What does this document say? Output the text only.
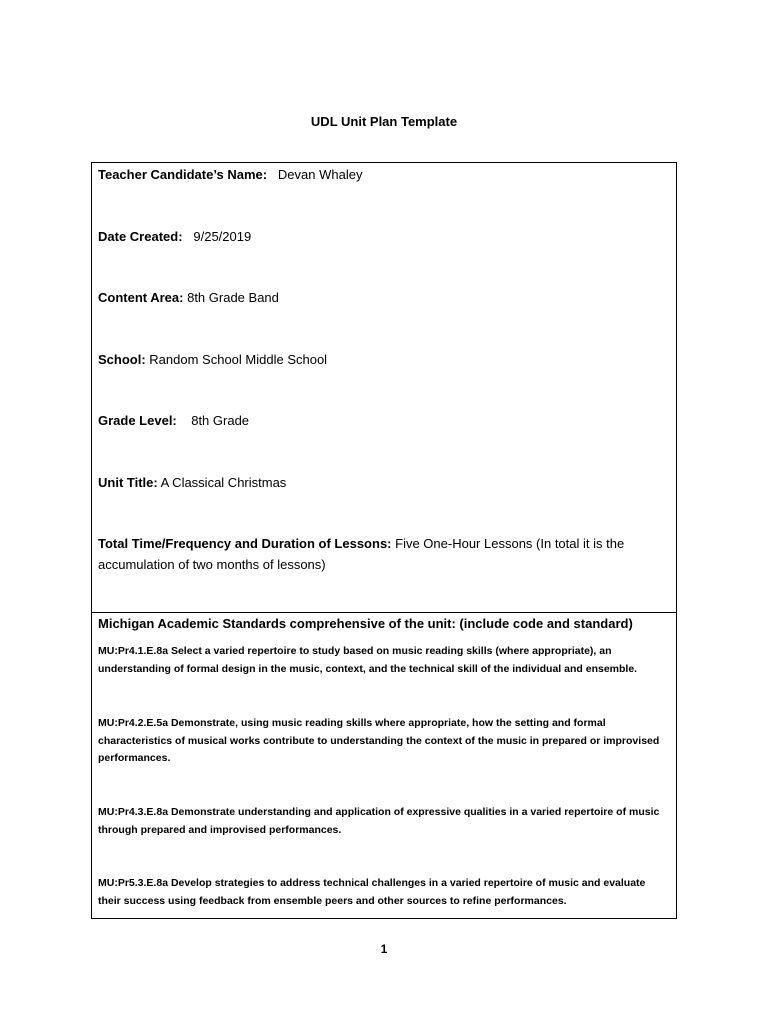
UDL Unit Plan Template
Teacher Candidate’s Name: Devan Whaley
Date Created: 9/25/2019
Content Area: 8th Grade Band
School: Random School Middle School
Grade Level: 8th Grade
Unit Title: A Classical Christmas
Total Time/Frequency and Duration of Lessons: Five One-Hour Lessons (In total it is the accumulation of two months of lessons)
Michigan Academic Standards comprehensive of the unit: (include code and standard)
MU:Pr4.1.E.8a Select a varied repertoire to study based on music reading skills (where appropriate), an understanding of formal design in the music, context, and the technical skill of the individual and ensemble.
MU:Pr4.2.E.5a Demonstrate, using music reading skills where appropriate, how the setting and formal characteristics of musical works contribute to understanding the context of the music in prepared or improvised performances.
MU:Pr4.3.E.8a Demonstrate understanding and application of expressive qualities in a varied repertoire of music through prepared and improvised performances.
MU:Pr5.3.E.8a Develop strategies to address technical challenges in a varied repertoire of music and evaluate their success using feedback from ensemble peers and other sources to refine performances.
1
